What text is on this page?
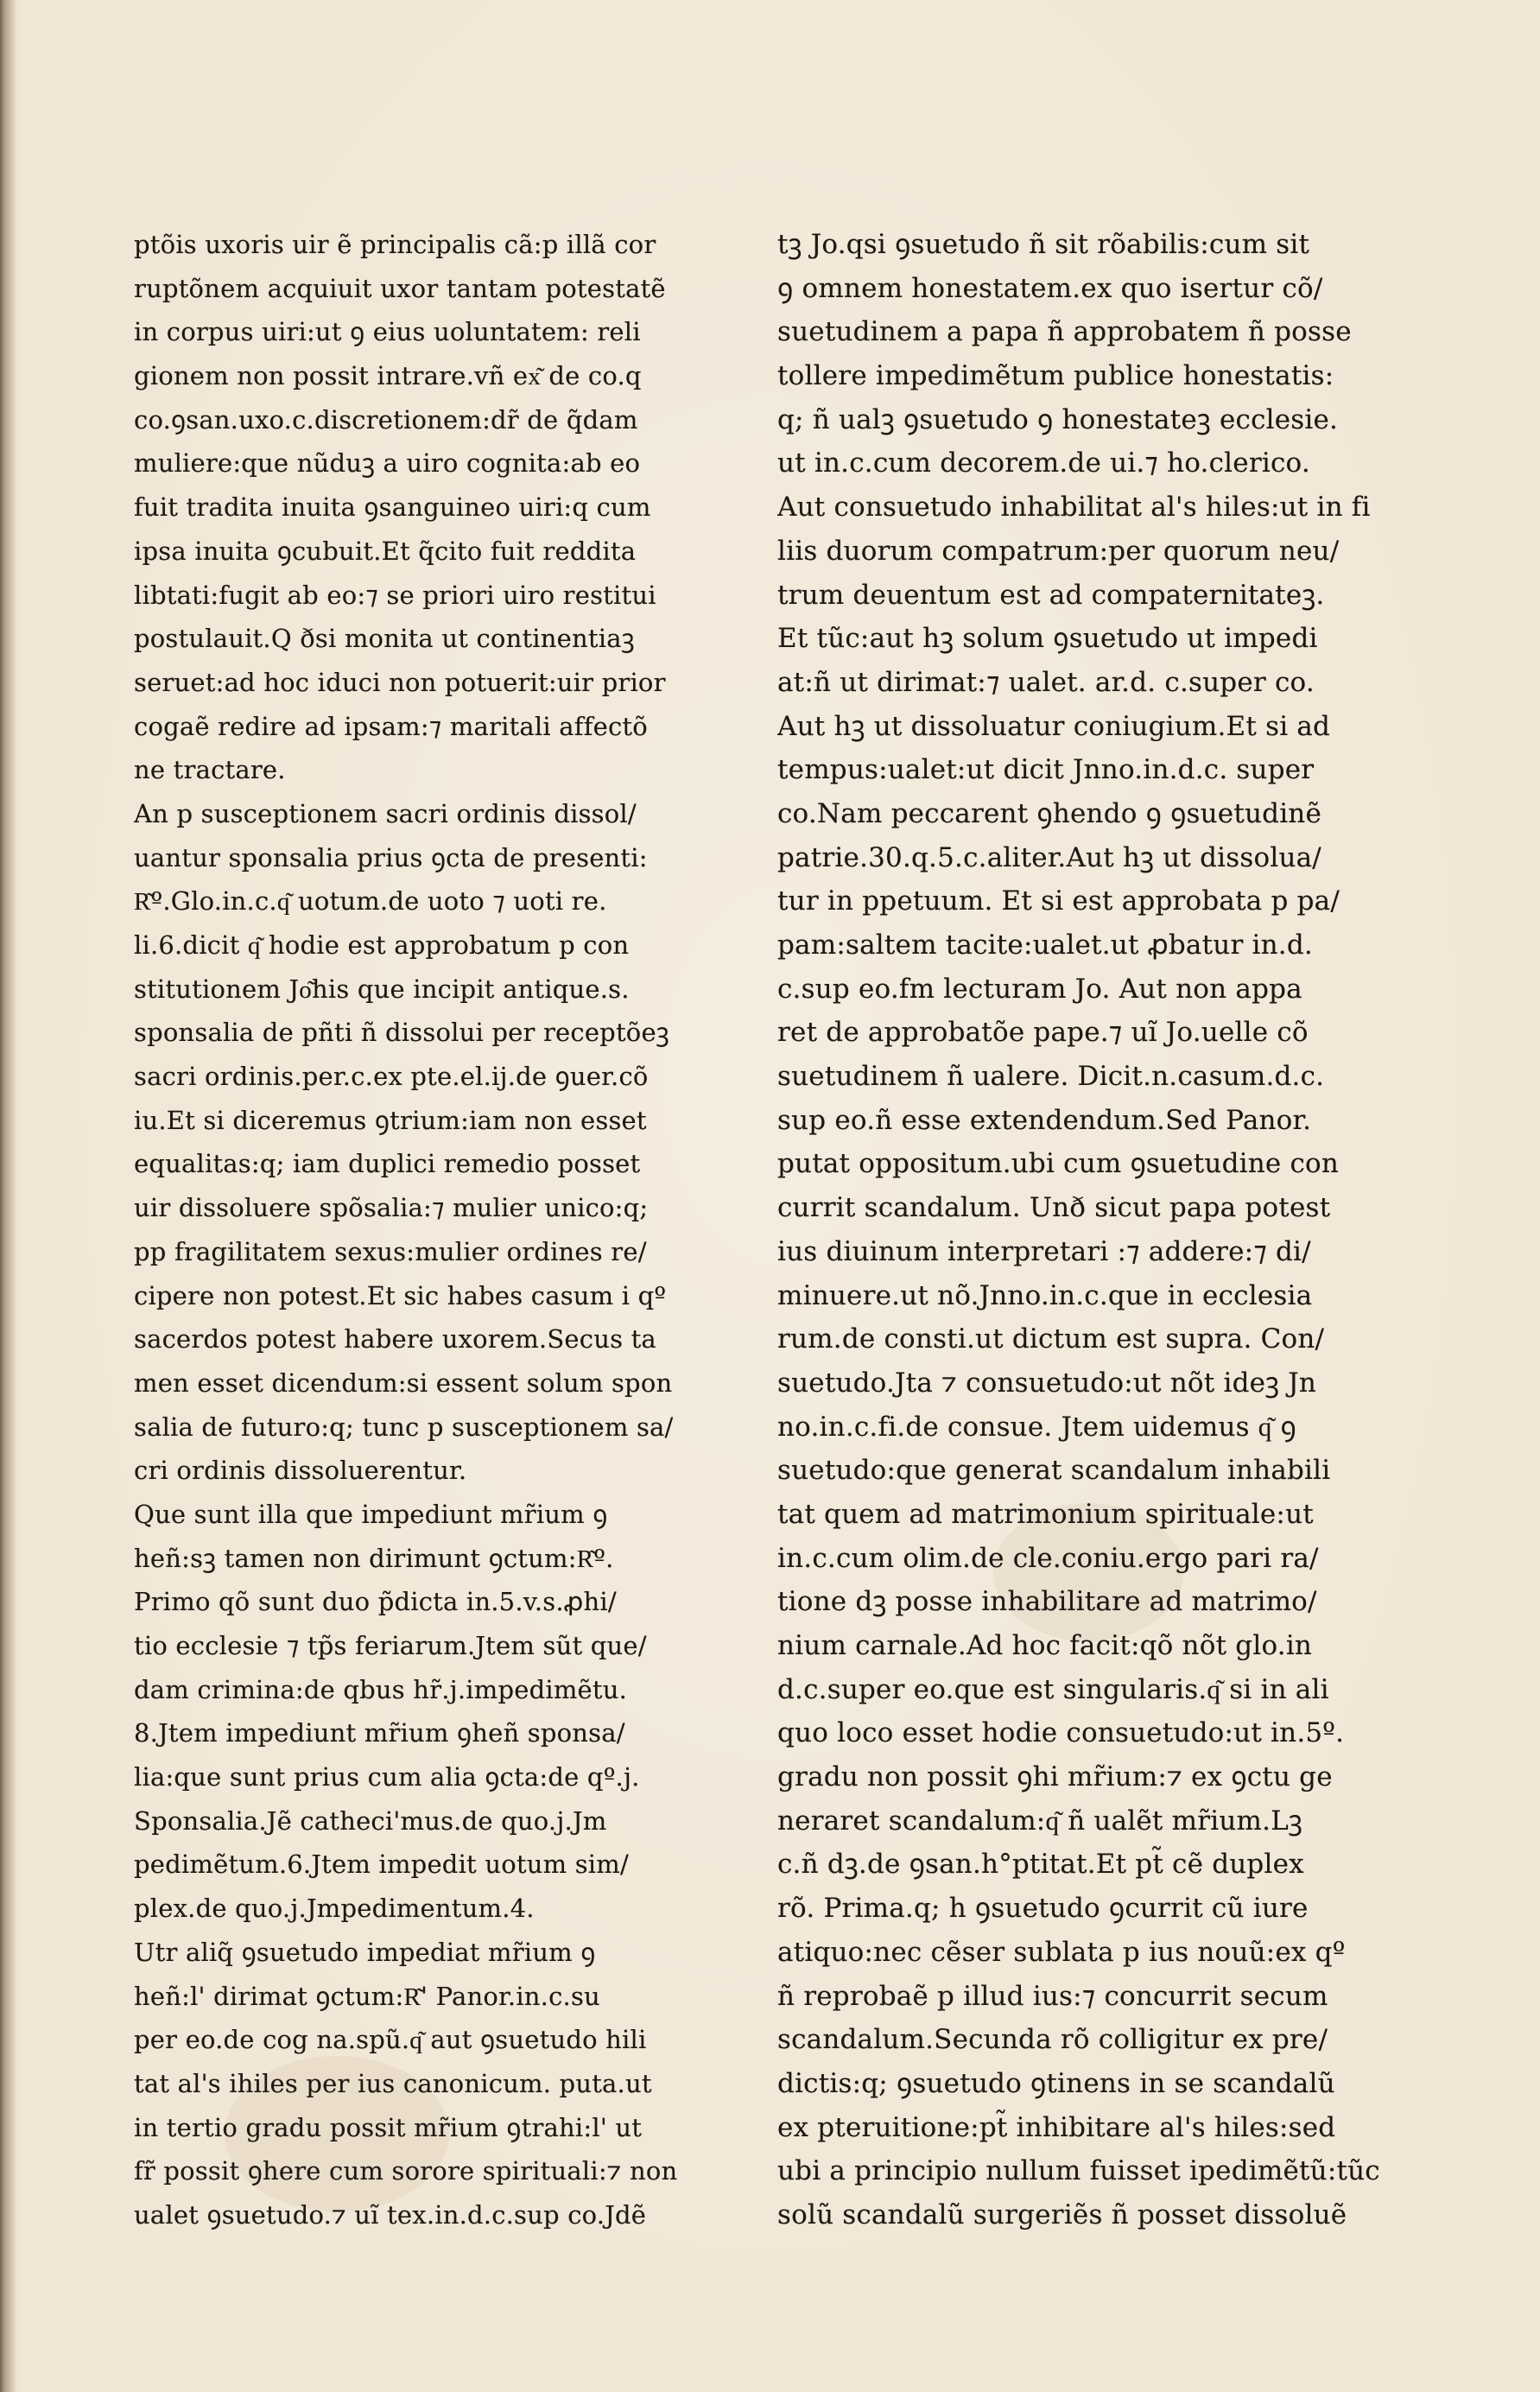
ptõis uxoris uir ẽ principalis cã:p illã cor
ruptõnem acquiuit uxor tantam potestatẽ
in corpus uiri:ut ꝯ eius uoluntatem: reli
gionem non possit intrare.vñ ex͂ de co.q
co.ꝯsan.uxo.c.discretionem:dr̃ de q̃dam
muliere:que nũduꝫ a uiro cognita:ab eo
fuit tradita inuita ꝯsanguineo uiri:q cum
ipsa inuita ꝯcubuit.Et q̃cito fuit reddita
libtati:fugit ab eo:⁊ se priori uiro restitui
postulauit.Q ðsi monita ut continentiaꝫ
seruet:ad hoc iduci non potuerit:uir prior
cogaẽ redire ad ipsam:⁊ maritali affectõ
ne tractare.
An p susceptionem sacri ordinis dissol/
uantur sponsalia prius ꝯcta de presenti:
R͂º.Glo.in.c.q͂ uotum.de uoto ⁊ uoti re.
li.6.dicit q͂ hodie est approbatum p con
stitutionem Jo͂his que incipit antique.s.
sponsalia de pñti ñ dissolui per receptõeꝫ
sacri ordinis.per.c.ex pte.el.ij.de ꝯuer.cõ
iu.Et si diceremus ꝯtrium:iam non esset
equalitas:q; iam duplici remedio posset
uir dissoluere spõsalia:⁊ mulier unico:q;
pp fragilitatem sexus:mulier ordines re/
cipere non potest.Et sic habes casum i qº
sacerdos potest habere uxorem.Secus ta
men esset dicendum:si essent solum spon
salia de futuro:q; tunc p susceptionem sa/
cri ordinis dissoluerentur.
Que sunt illa que impediunt mr̃ium ꝯ
heñ:sꝫ tamen non dirimunt ꝯctum:R͂º.
Primo qõ sunt duo p̃dicta in.5.v.s.ꝓhi/
tio ecclesie ⁊ tp̃s feriarum.Jtem sũt que/
dam crimina:de qbus hr̃.j.impedimẽtu.
8.Jtem impediunt mr̃ium ꝯheñ sponsa/
lia:que sunt prius cum alia ꝯcta:de qº.j.
Sponsalia.Jẽ catheci'mus.de quo.j.Jm
pedimẽtum.6.Jtem impedit uotum sim/
plex.de quo.j.Jmpedimentum.4.
Utr aliq̃ ꝯsuetudo impediat mr̃ium ꝯ
heñ:l' dirimat ꝯctum:R͂' Panor.in.c.su
per eo.de cog na.spũ.q͂ aut ꝯsuetudo hili
tat al's ihiles per ius canonicum. puta.ut
in tertio gradu possit mr̃ium ꝯtrahi:l' ut
fr̃ possit ꝯhere cum sorore spirituali:⁊ non
ualet ꝯsuetudo.⁊ uĩ tex.in.d.c.sup co.Jdẽ
tꝫ Jo.qsi ꝯsuetudo ñ sit rõabilis:cum sit
ꝯ omnem honestatem.ex quo isertur cõ/
suetudinem a papa ñ approbatem ñ posse
tollere impedimẽtum publice honestatis:
q; ñ ualꝫ ꝯsuetudo ꝯ honestateꝫ ecclesie.
ut in.c.cum decorem.de ui.⁊ ho.clerico.
Aut consuetudo inhabilitat al's hiles:ut in fi
liis duorum compatrum:per quorum neu/
trum deuentum est ad compaternitateꝫ.
Et tũc:aut hꝫ solum ꝯsuetudo ut impedi
at:ñ ut dirimat:⁊ ualet. ar.d. c.super co.
Aut hꝫ ut dissoluatur coniugium.Et si ad
tempus:ualet:ut dicit Jnno.in.d.c. super
co.Nam peccarent ꝯhendo ꝯ ꝯsuetudinẽ
patrie.30.q.5.c.aliter.Aut hꝫ ut dissolua/
tur in ppetuum. Et si est approbata p pa/
pam:saltem tacite:ualet.ut ꝓbatur in.d.
c.sup eo.fm lecturam Jo. Aut non appa
ret de approbatõe pape.⁊ uĩ Jo.uelle cõ
suetudinem ñ ualere. Dicit.n.casum.d.c.
sup eo.ñ esse extendendum.Sed Panor.
putat oppositum.ubi cum ꝯsuetudine con
currit scandalum. Unð sicut papa potest
ius diuinum interpretari :⁊ addere:⁊ di/
minuere.ut nõ.Jnno.in.c.que in ecclesia
rum.de consti.ut dictum est supra. Con/
suetudo.Jta ⁊ consuetudo:ut nõt ideꝫ Jn
no.in.c.fi.de consue. Jtem uidemus q͂ ꝯ
suetudo:que generat scandalum inhabili
tat quem ad matrimonium spirituale:ut
in.c.cum olim.de cle.coniu.ergo pari ra/
tione dꝫ posse inhabilitare ad matrimo/
nium carnale.Ad hoc facit:qõ nõt glo.in
d.c.super eo.que est singularis.q͂ si in ali
quo loco esset hodie consuetudo:ut in.5º.
gradu non possit ꝯhi mr̃ium:⁊ ex ꝯctu ge
neraret scandalum:q͂ ñ ualẽt mr̃ium.Lꝫ
c.ñ dꝫ.de ꝯsan.h°ptitat.Et pt̃ cẽ duplex
rõ. Prima.q; h ꝯsuetudo ꝯcurrit cũ iure
atiquo:nec cẽser sublata p ius nouũ:ex qº
ñ reprobaẽ p illud ius:⁊ concurrit secum
scandalum.Secunda rõ colligitur ex pre/
dictis:q; ꝯsuetudo ꝯtinens in se scandalũ
ex pteruitione:pt̃ inhibitare al's hiles:sed
ubi a principio nullum fuisset ipedimẽtũ:tũc
solũ scandalũ surgeriẽs ñ posset dissoluẽ
